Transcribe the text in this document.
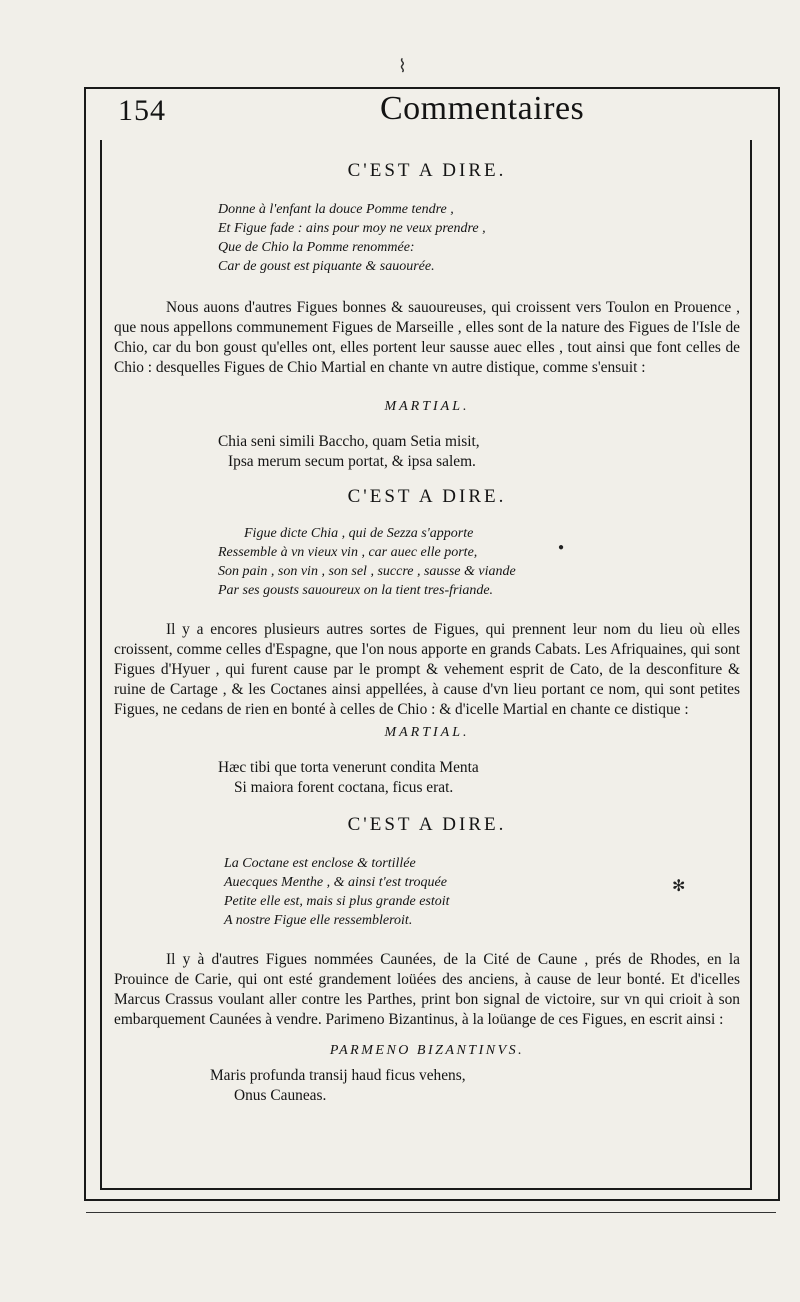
⌇
154	Commentaires

C'EST A DIRE.

Donne à l'enfant la douce Pomme tendre ,
Et Figue fade : ains pour moy ne veux prendre ,
Que de Chio la Pomme renommée:
Car de goust est piquante & sauourée.

Nous auons d'autres Figues bonnes & sauoureuses, qui croissent vers Toulon en Prouence , que nous appellons communement Figues de Marseille , elles sont de la nature des Figues de l'Isle de Chio, car du bon goust qu'elles ont, elles portent leur sausse auec elles , tout ainsi que font celles de Chio : desquelles Figues de Chio Martial en chante vn autre distique, comme s'ensuit :

MARTIAL.

Chia seni simili Baccho, quam Setia misit,
Ipsa merum secum portat, & ipsa salem.

C'EST A DIRE.

Figue dicte Chia , qui de Sezza s'apporte
Ressemble à vn vieux vin , car auec elle porte,
Son pain , son vin , son sel , succre , sausse & viande
Par ses gousts sauoureux on la tient tres-friande.

Il y a encores plusieurs autres sortes de Figues, qui prennent leur nom du lieu où elles croissent, comme celles d'Espagne, que l'on nous apporte en grands Cabats. Les Afriquaines, qui sont Figues d'Hyuer , qui furent cause par le prompt & vehement esprit de Cato, de la desconfiture & ruine de Cartage , & les Coctanes ainsi appellées, à cause d'vn lieu portant ce nom, qui sont petites Figues, ne cedans de rien en bonté à celles de Chio : & d'icelle Martial en chante ce distique :

MARTIAL.

Hæc tibi que torta venerunt condita Menta
Si maiora forent coctana, ficus erat.

C'EST A DIRE.

La Coctane est enclose & tortillée
Auecques Menthe , & ainsi t'est troquée
Petite elle est, mais si plus grande estoit
A nostre Figue elle ressembleroit.

Il y à d'autres Figues nommées Caunées, de la Cité de Caune , prés de Rhodes, en la Prouince de Carie, qui ont esté grandement loüées des anciens, à cause de leur bonté. Et d'icelles Marcus Crassus voulant aller contre les Parthes, print bon signal de victoire, sur vn qui crioit à son embarquement Caunées à vendre. Parimeno Bizantinus, à la loüange de ces Figues, en escrit ainsi :

PARMENO BIZANTINVS.

Maris profunda transij haud ficus vehens,
Onus Cauneas.
✻
●
